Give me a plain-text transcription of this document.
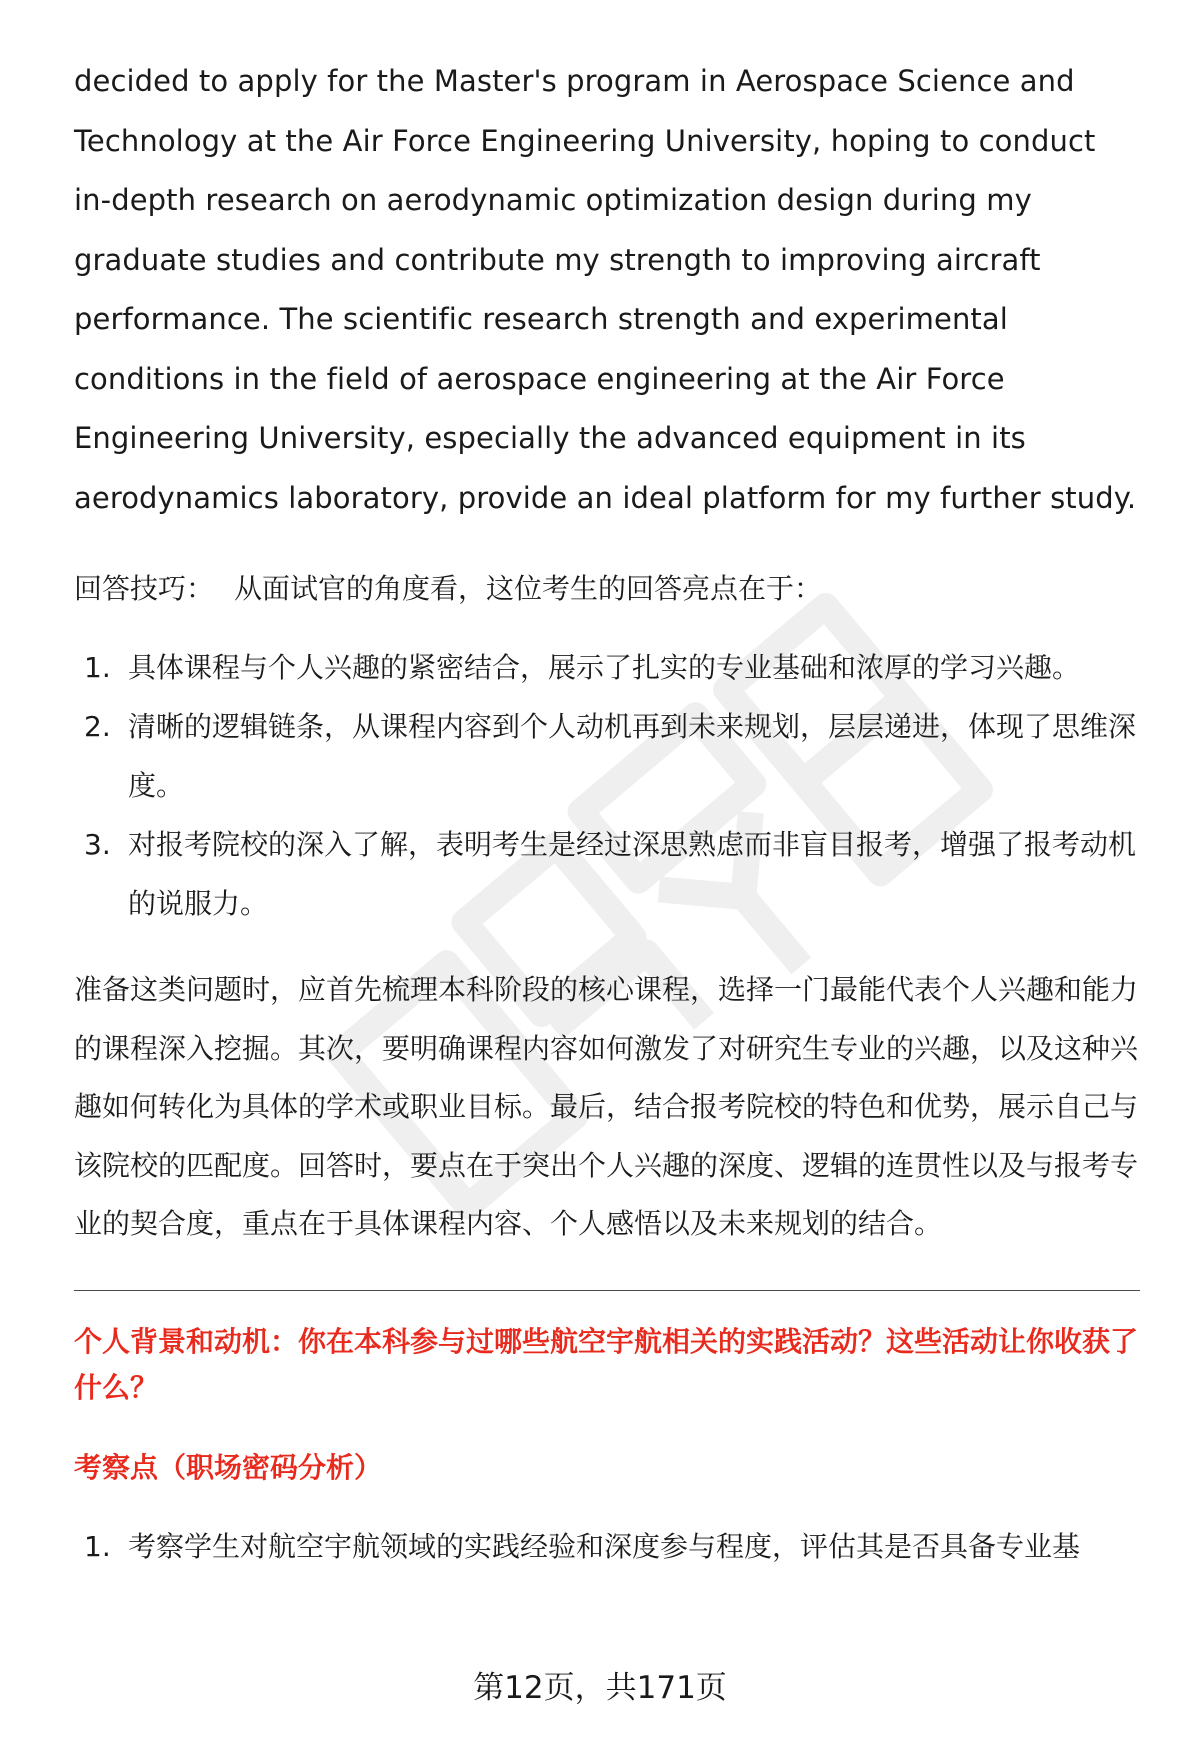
decided to apply for the Master's program in Aerospace Science and Technology at the Air Force Engineering University, hoping to conduct in-depth research on aerodynamic optimization design during my graduate studies and contribute my strength to improving aircraft performance. The scientific research strength and experimental conditions in the field of aerospace engineering at the Air Force Engineering University, especially the advanced equipment in its aerodynamics laboratory, provide an ideal platform for my further study.

回答技巧： 从面试官的角度看，这位考生的回答亮点在于：
1. 具体课程与个人兴趣的紧密结合，展示了扎实的专业基础和浓厚的学习兴趣。
2. 清晰的逻辑链条，从课程内容到个人动机再到未来规划，层层递进，体现了思维深度。
3. 对报考院校的深入了解，表明考生是经过深思熟虑而非盲目报考，增强了报考动机的说服力。

准备这类问题时，应首先梳理本科阶段的核心课程，选择一门最能代表个人兴趣和能力的课程深入挖掘。其次，要明确课程内容如何激发了对研究生专业的兴趣，以及这种兴趣如何转化为具体的学术或职业目标。最后，结合报考院校的特色和优势，展示自己与该院校的匹配度。回答时，要点在于突出个人兴趣的深度、逻辑的连贯性以及与报考专业的契合度，重点在于具体课程内容、个人感悟以及未来规划的结合。

个人背景和动机：你在本科参与过哪些航空宇航相关的实践活动？这些活动让你收获了什么？
考察点（职场密码分析）
1. 考察学生对航空宇航领域的实践经验和深度参与程度，评估其是否具备专业基
第12页，共171页
